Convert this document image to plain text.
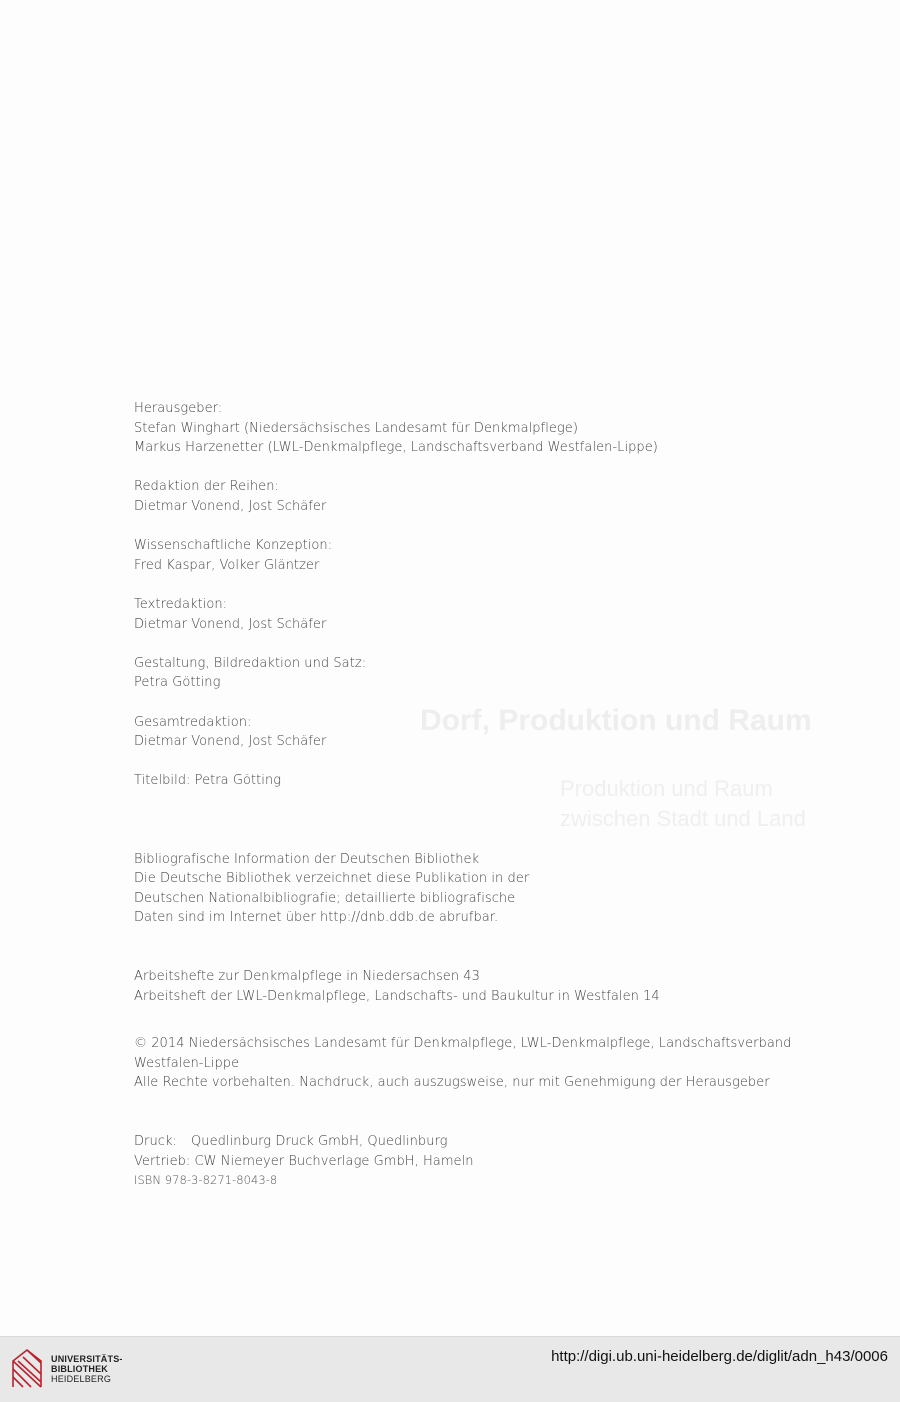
Dorf, Produktion und Raum
Produktion und Raum
zwischen Stadt und Land
Herausgeber:
Stefan Winghart (Niedersächsisches Landesamt für Denkmalpflege)
Markus Harzenetter (LWL-Denkmalpflege, Landschaftsverband Westfalen-Lippe)
Redaktion der Reihen:
Dietmar Vonend, Jost Schäfer
Wissenschaftliche Konzeption:
Fred Kaspar, Volker Gläntzer
Textredaktion:
Dietmar Vonend, Jost Schäfer
Gestaltung, Bildredaktion und Satz:
Petra Götting
Gesamtredaktion:
Dietmar Vonend, Jost Schäfer
Titelbild: Petra Götting
Bibliografische Information der Deutschen Bibliothek
Die Deutsche Bibliothek verzeichnet diese Publikation in der
Deutschen Nationalbibliografie; detaillierte bibliografische
Daten sind im Internet über http://dnb.ddb.de abrufbar.
Arbeitshefte zur Denkmalpflege in Niedersachsen 43
Arbeitsheft der LWL-Denkmalpflege, Landschafts- und Baukultur in Westfalen 14
© 2014 Niedersächsisches Landesamt für Denkmalpflege, LWL-Denkmalpflege, Landschaftsverband
Westfalen-Lippe
Alle Rechte vorbehalten. Nachdruck, auch auszugsweise, nur mit Genehmigung der Herausgeber
Druck: Quedlinburg Druck GmbH, Quedlinburg
Vertrieb: CW Niemeyer Buchverlage GmbH, Hameln
ISBN 978-3-8271-8043-8
UNIVERSITÄTS-
BIBLIOTHEK
HEIDELBERG
http://digi.ub.uni-heidelberg.de/diglit/adn_h43/0006
